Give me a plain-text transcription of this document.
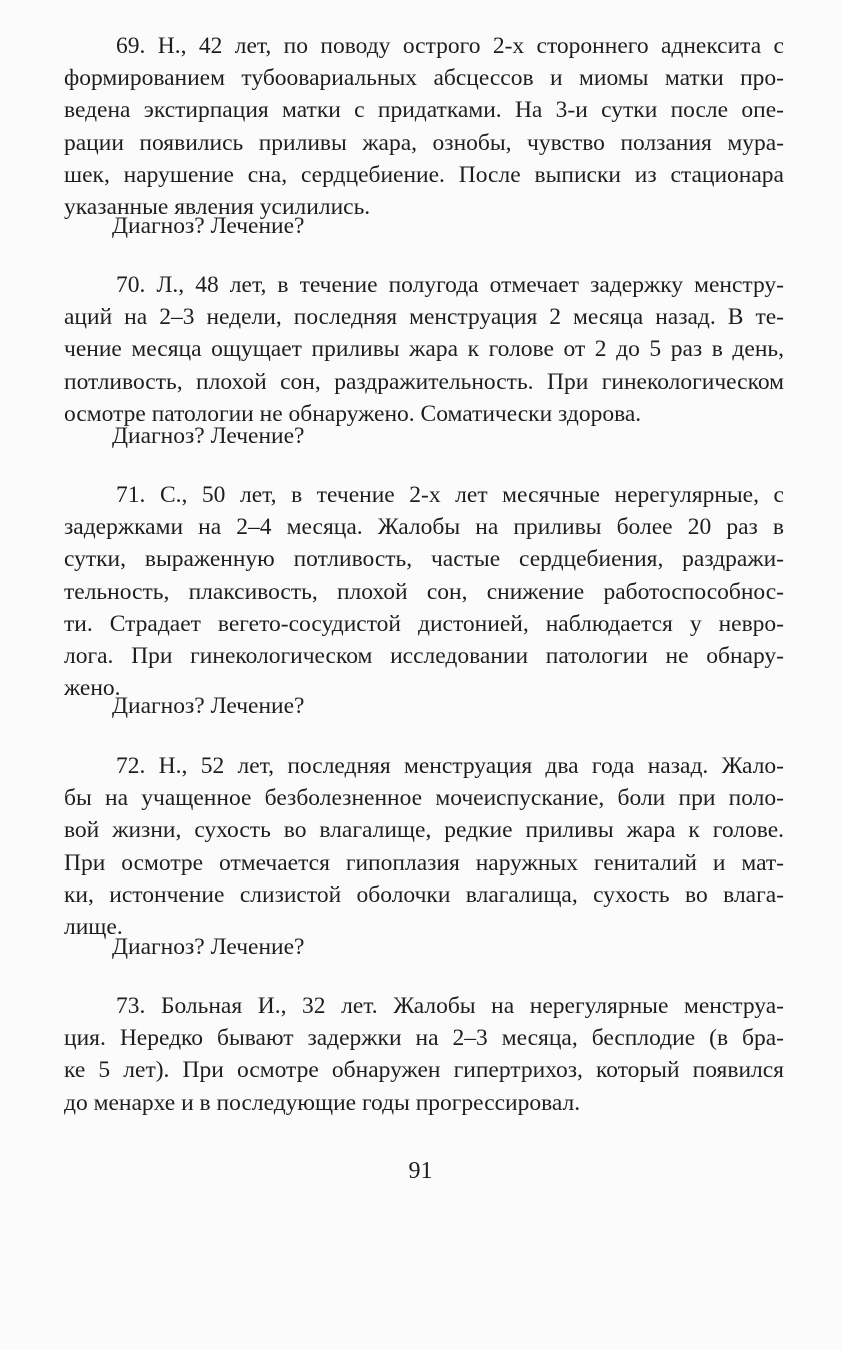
69. Н., 42 лет, по поводу острого 2-х стороннего аднексита с
формированием тубоовариальных абсцессов и миомы матки про-
ведена экстирпация матки с придатками. На 3-и сутки после опе-
рации появились приливы жара, ознобы, чувство ползания мура-
шек, нарушение сна, сердцебиение. После выписки из стационара
указанные явления усилились.
Диагноз? Лечение?
70. Л., 48 лет, в течение полугода отмечает задержку менстру-
аций на 2–3 недели, последняя менструация 2 месяца назад. В те-
чение месяца ощущает приливы жара к голове от 2 до 5 раз в день,
потливость, плохой сон, раздражительность. При гинекологическом
осмотре патологии не обнаружено. Соматически здорова.
Диагноз? Лечение?
71. С., 50 лет, в течение 2-х лет месячные нерегулярные, с
задержками на 2–4 месяца. Жалобы на приливы более 20 раз в
сутки, выраженную потливость, частые сердцебиения, раздражи-
тельность, плаксивость, плохой сон, снижение работоспособнос-
ти. Страдает вегето-сосудистой дистонией, наблюдается у невро-
лога. При гинекологическом исследовании патологии не обнару-
жено.
Диагноз? Лечение?
72. Н., 52 лет, последняя менструация два года назад. Жало-
бы на учащенное безболезненное мочеиспускание, боли при поло-
вой жизни, сухость во влагалище, редкие приливы жара к голове.
При осмотре отмечается гипоплазия наружных гениталий и мат-
ки, истончение слизистой оболочки влагалища, сухость во влага-
лище.
Диагноз? Лечение?
73. Больная И., 32 лет. Жалобы на нерегулярные менструа-
ция. Нередко бывают задержки на 2–3 месяца, бесплодие (в бра-
ке 5 лет). При осмотре обнаружен гипертрихоз, который появился
до менархе и в последующие годы прогрессировал.
91
